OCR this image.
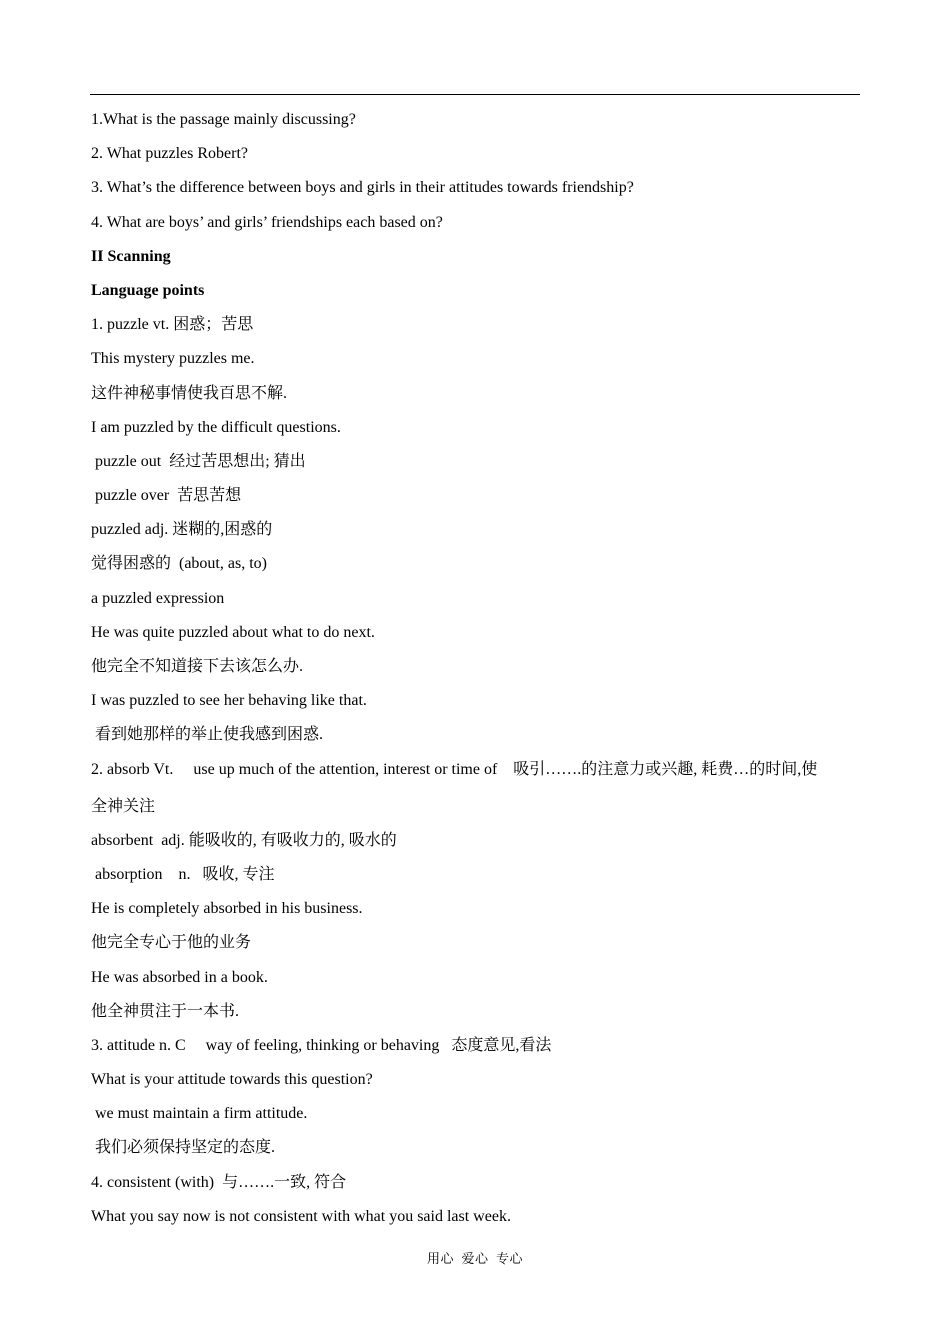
1.What is the passage mainly discussing?
2. What puzzles Robert?
3. What’s the difference between boys and girls in their attitudes towards friendship?
4. What are boys’ and girls’ friendships each based on?
II Scanning
Language points
1. puzzle vt. 困惑；苦思
This mystery puzzles me.
这件神秘事情使我百思不解.
I am puzzled by the difficult questions.
puzzle out  经过苦思想出; 猜出
puzzle over  苦思苦想
puzzled adj. 迷糊的,困惑的
觉得困惑的  (about, as, to)
a puzzled expression
He was quite puzzled about what to do next.
他完全不知道接下去该怎么办.
I was puzzled to see her behaving like that.
看到她那样的举止使我感到困惑.
2. absorb Vt.     use up much of the attention, interest or time of    吸引…….的注意力或兴趣, 耗费…的时间,使
全神关注
absorbent  adj. 能吸收的, 有吸收力的, 吸水的
absorption    n.   吸收, 专注
He is completely absorbed in his business.
他完全专心于他的业务
He was absorbed in a book.
他全神贯注于一本书.
3. attitude n. C     way of feeling, thinking or behaving   态度意见,看法
What is your attitude towards this question?
we must maintain a firm attitude.
我们必须保持坚定的态度.
4. consistent (with)  与…….一致, 符合
What you say now is not consistent with what you said last week.
用心  爱心  专心
